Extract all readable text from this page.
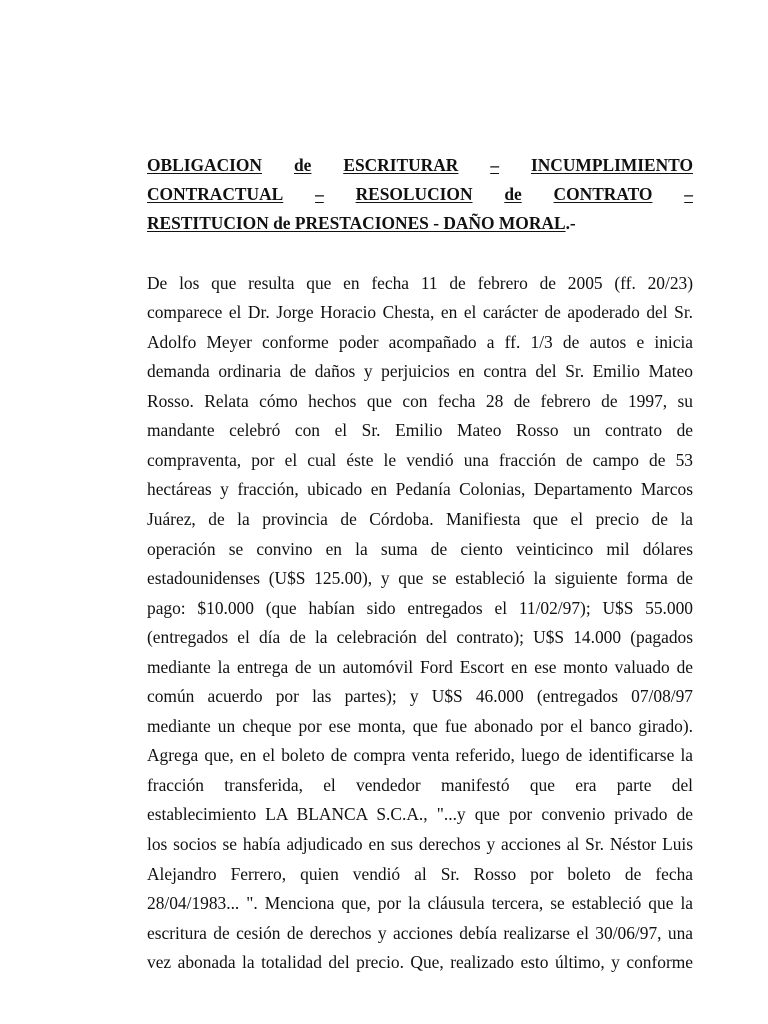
OBLIGACION de ESCRITURAR – INCUMPLIMIENTO
CONTRACTUAL – RESOLUCION de CONTRATO –
RESTITUCION de PRESTACIONES - DAÑO MORAL .-
De los que resulta que en fecha 11 de febrero de 2005 (ff. 20/23)
comparece el Dr. Jorge Horacio Chesta, en el carácter de apoderado del Sr.
Adolfo Meyer conforme poder acompañado a ff. 1/3 de autos e inicia
demanda ordinaria de daños y perjuicios en contra del Sr. Emilio Mateo
Rosso. Relata cómo hechos que con fecha 28 de febrero de 1997, su
mandante celebró con el Sr. Emilio Mateo Rosso un contrato de
compraventa, por el cual éste le vendió una fracción de campo de 53
hectáreas y fracción, ubicado en Pedanía Colonias, Departamento Marcos
Juárez, de la provincia de Córdoba. Manifiesta que el precio de la
operación se convino en la suma de ciento veinticinco mil dólares
estadounidenses (U$S 125.00), y que se estableció la siguiente forma de
pago: $10.000 (que habían sido entregados el 11/02/97); U$S 55.000
(entregados el día de la celebración del contrato); U$S 14.000 (pagados
mediante la entrega de un automóvil Ford Escort en ese monto valuado de
común acuerdo por las partes); y U$S 46.000 (entregados 07/08/97
mediante un cheque por ese monta, que fue abonado por el banco girado).
Agrega que, en el boleto de compra venta referido, luego de identificarse la
fracción transferida, el vendedor manifestó que era parte del
establecimiento LA BLANCA S.C.A., "...y que por convenio privado de
los socios se había adjudicado en sus derechos y acciones al Sr. Néstor Luis
Alejandro Ferrero, quien vendió al Sr. Rosso por boleto de fecha
28/04/1983... ". Menciona que, por la cláusula tercera, se estableció que la
escritura de cesión de derechos y acciones debía realizarse el 30/06/97, una
vez abonada la totalidad del precio. Que, realizado esto último, y conforme
